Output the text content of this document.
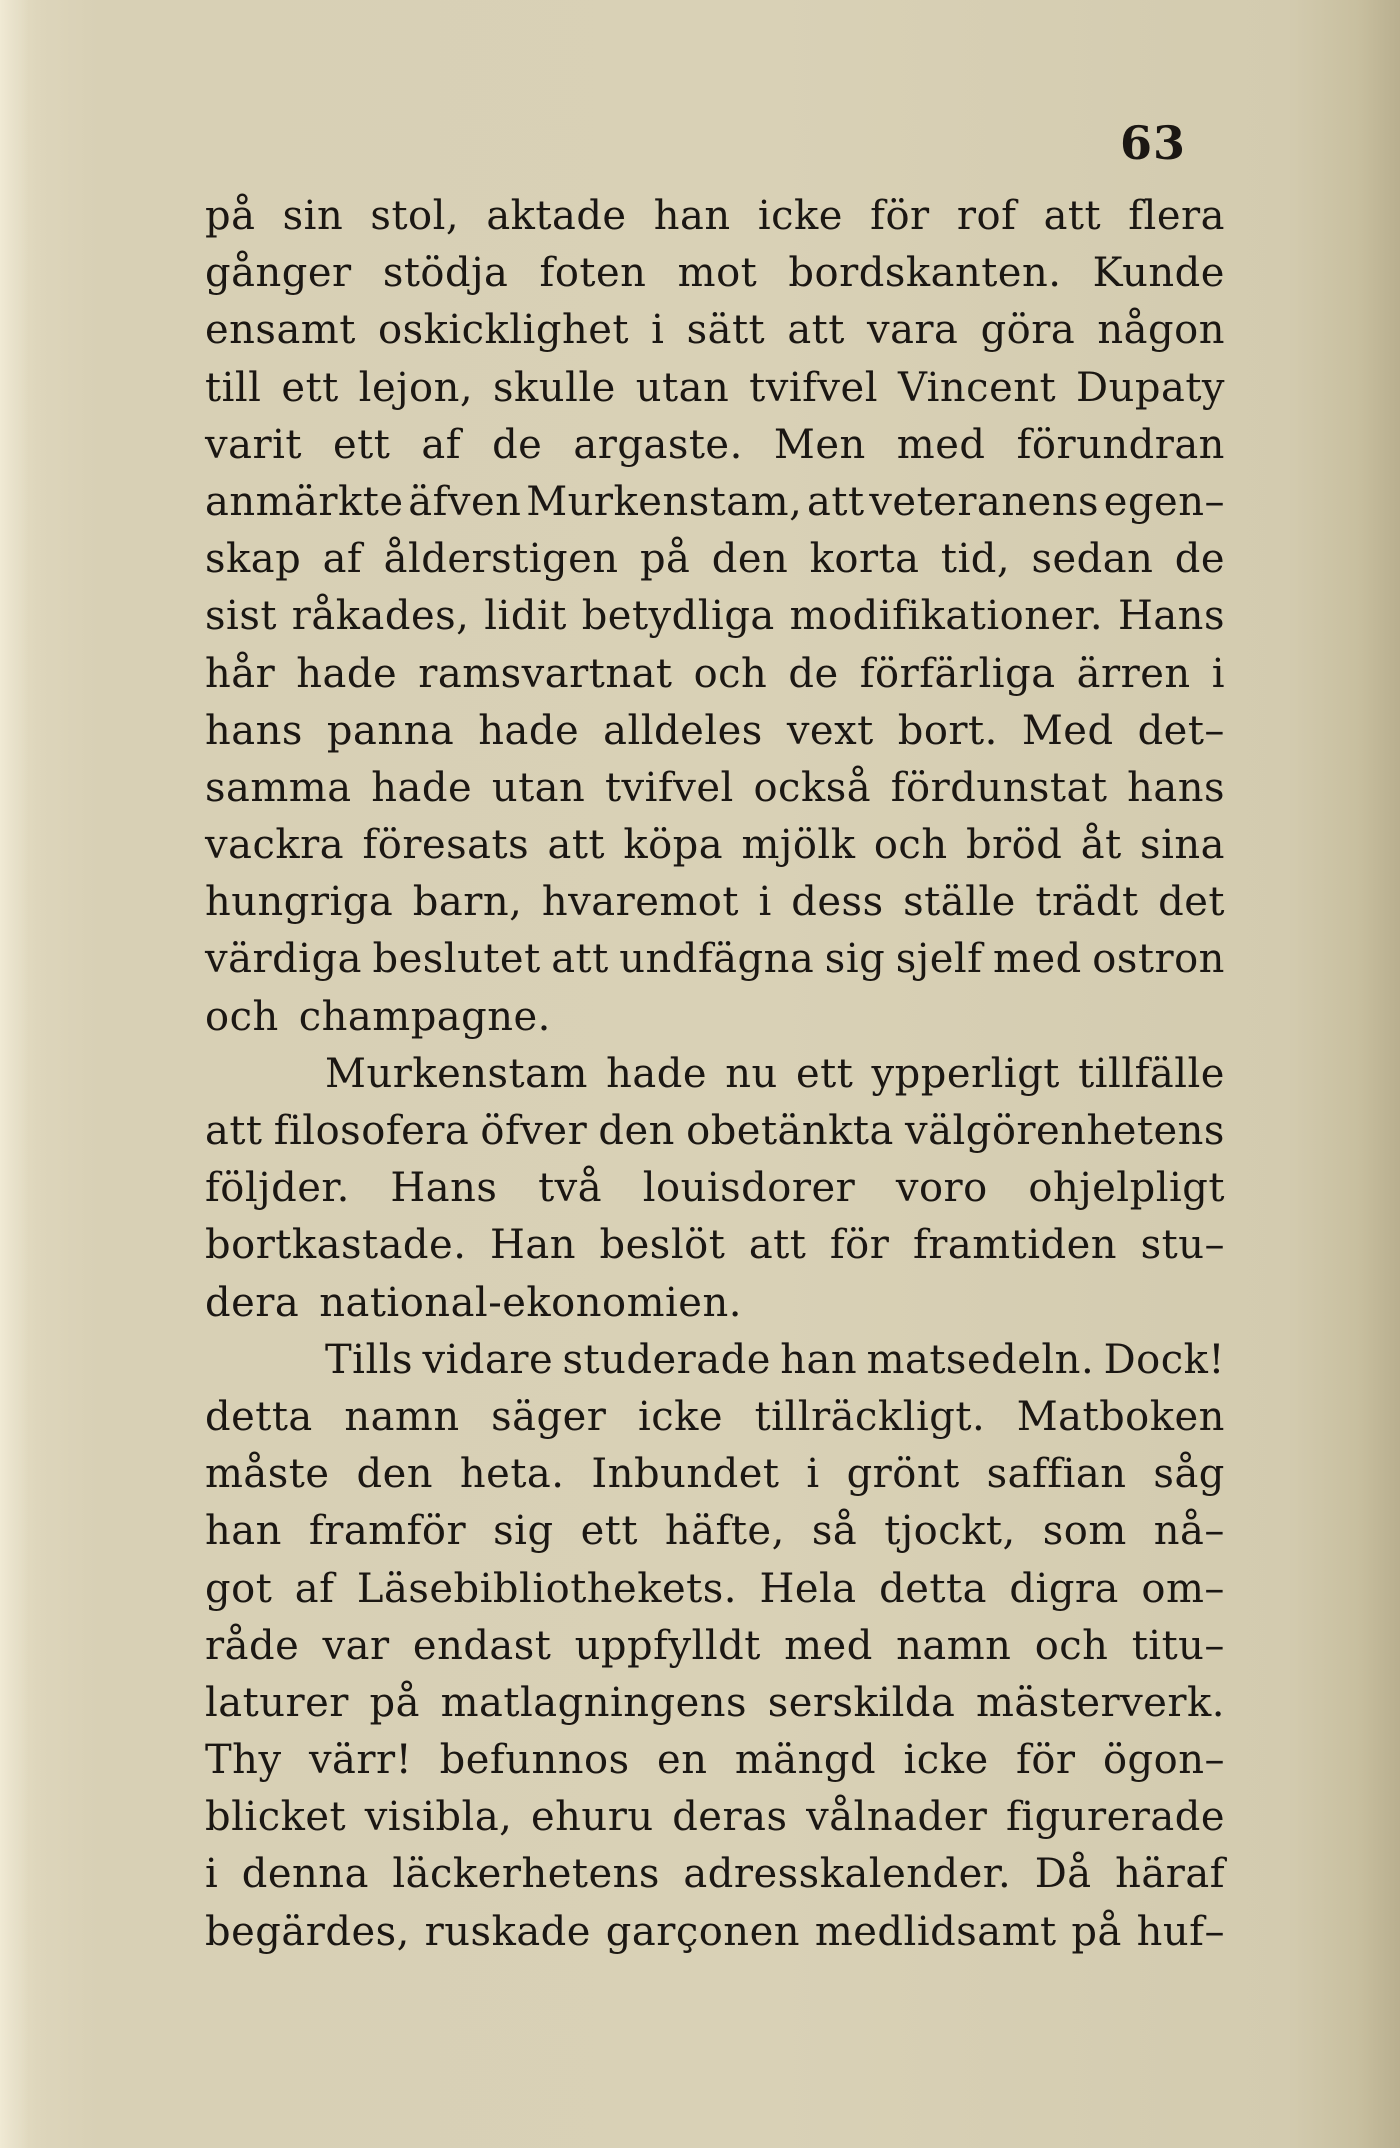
63
på sin stol, aktade han icke för rof att flera
gånger stödja foten mot bordskanten. Kunde
ensamt oskicklighet i sätt att vara göra någon
till ett lejon, skulle utan tvifvel Vincent Dupaty
varit ett af de argaste. Men med förundran
anmärkte äfven Murkenstam, att veteranens egen–
skap af ålderstigen på den korta tid, sedan de
sist råkades, lidit betydliga modifikationer. Hans
hår hade ramsvartnat och de förfärliga ärren i
hans panna hade alldeles vext bort. Med det–
samma hade utan tvifvel också fördunstat hans
vackra föresats att köpa mjölk och bröd åt sina
hungriga barn, hvaremot i dess ställe trädt det
värdiga beslutet att undfägna sig sjelf med ostron
och champagne.
Murkenstam hade nu ett ypperligt tillfälle
att filosofera öfver den obetänkta välgörenhetens
följder. Hans två louisdorer voro ohjelpligt
bortkastade. Han beslöt att för framtiden stu–
dera national-ekonomien.
Tills vidare studerade han matsedeln. Dock!
detta namn säger icke tillräckligt. Matboken
måste den heta. Inbundet i grönt saffian såg
han framför sig ett häfte, så tjockt, som nå–
got af Läsebibliothekets. Hela detta digra om–
råde var endast uppfylldt med namn och titu–
laturer på matlagningens serskilda mästerverk.
Thy värr! befunnos en mängd icke för ögon–
blicket visibla, ehuru deras vålnader figurerade
i denna läckerhetens adresskalender. Då häraf
begärdes, ruskade garçonen medlidsamt på huf–
